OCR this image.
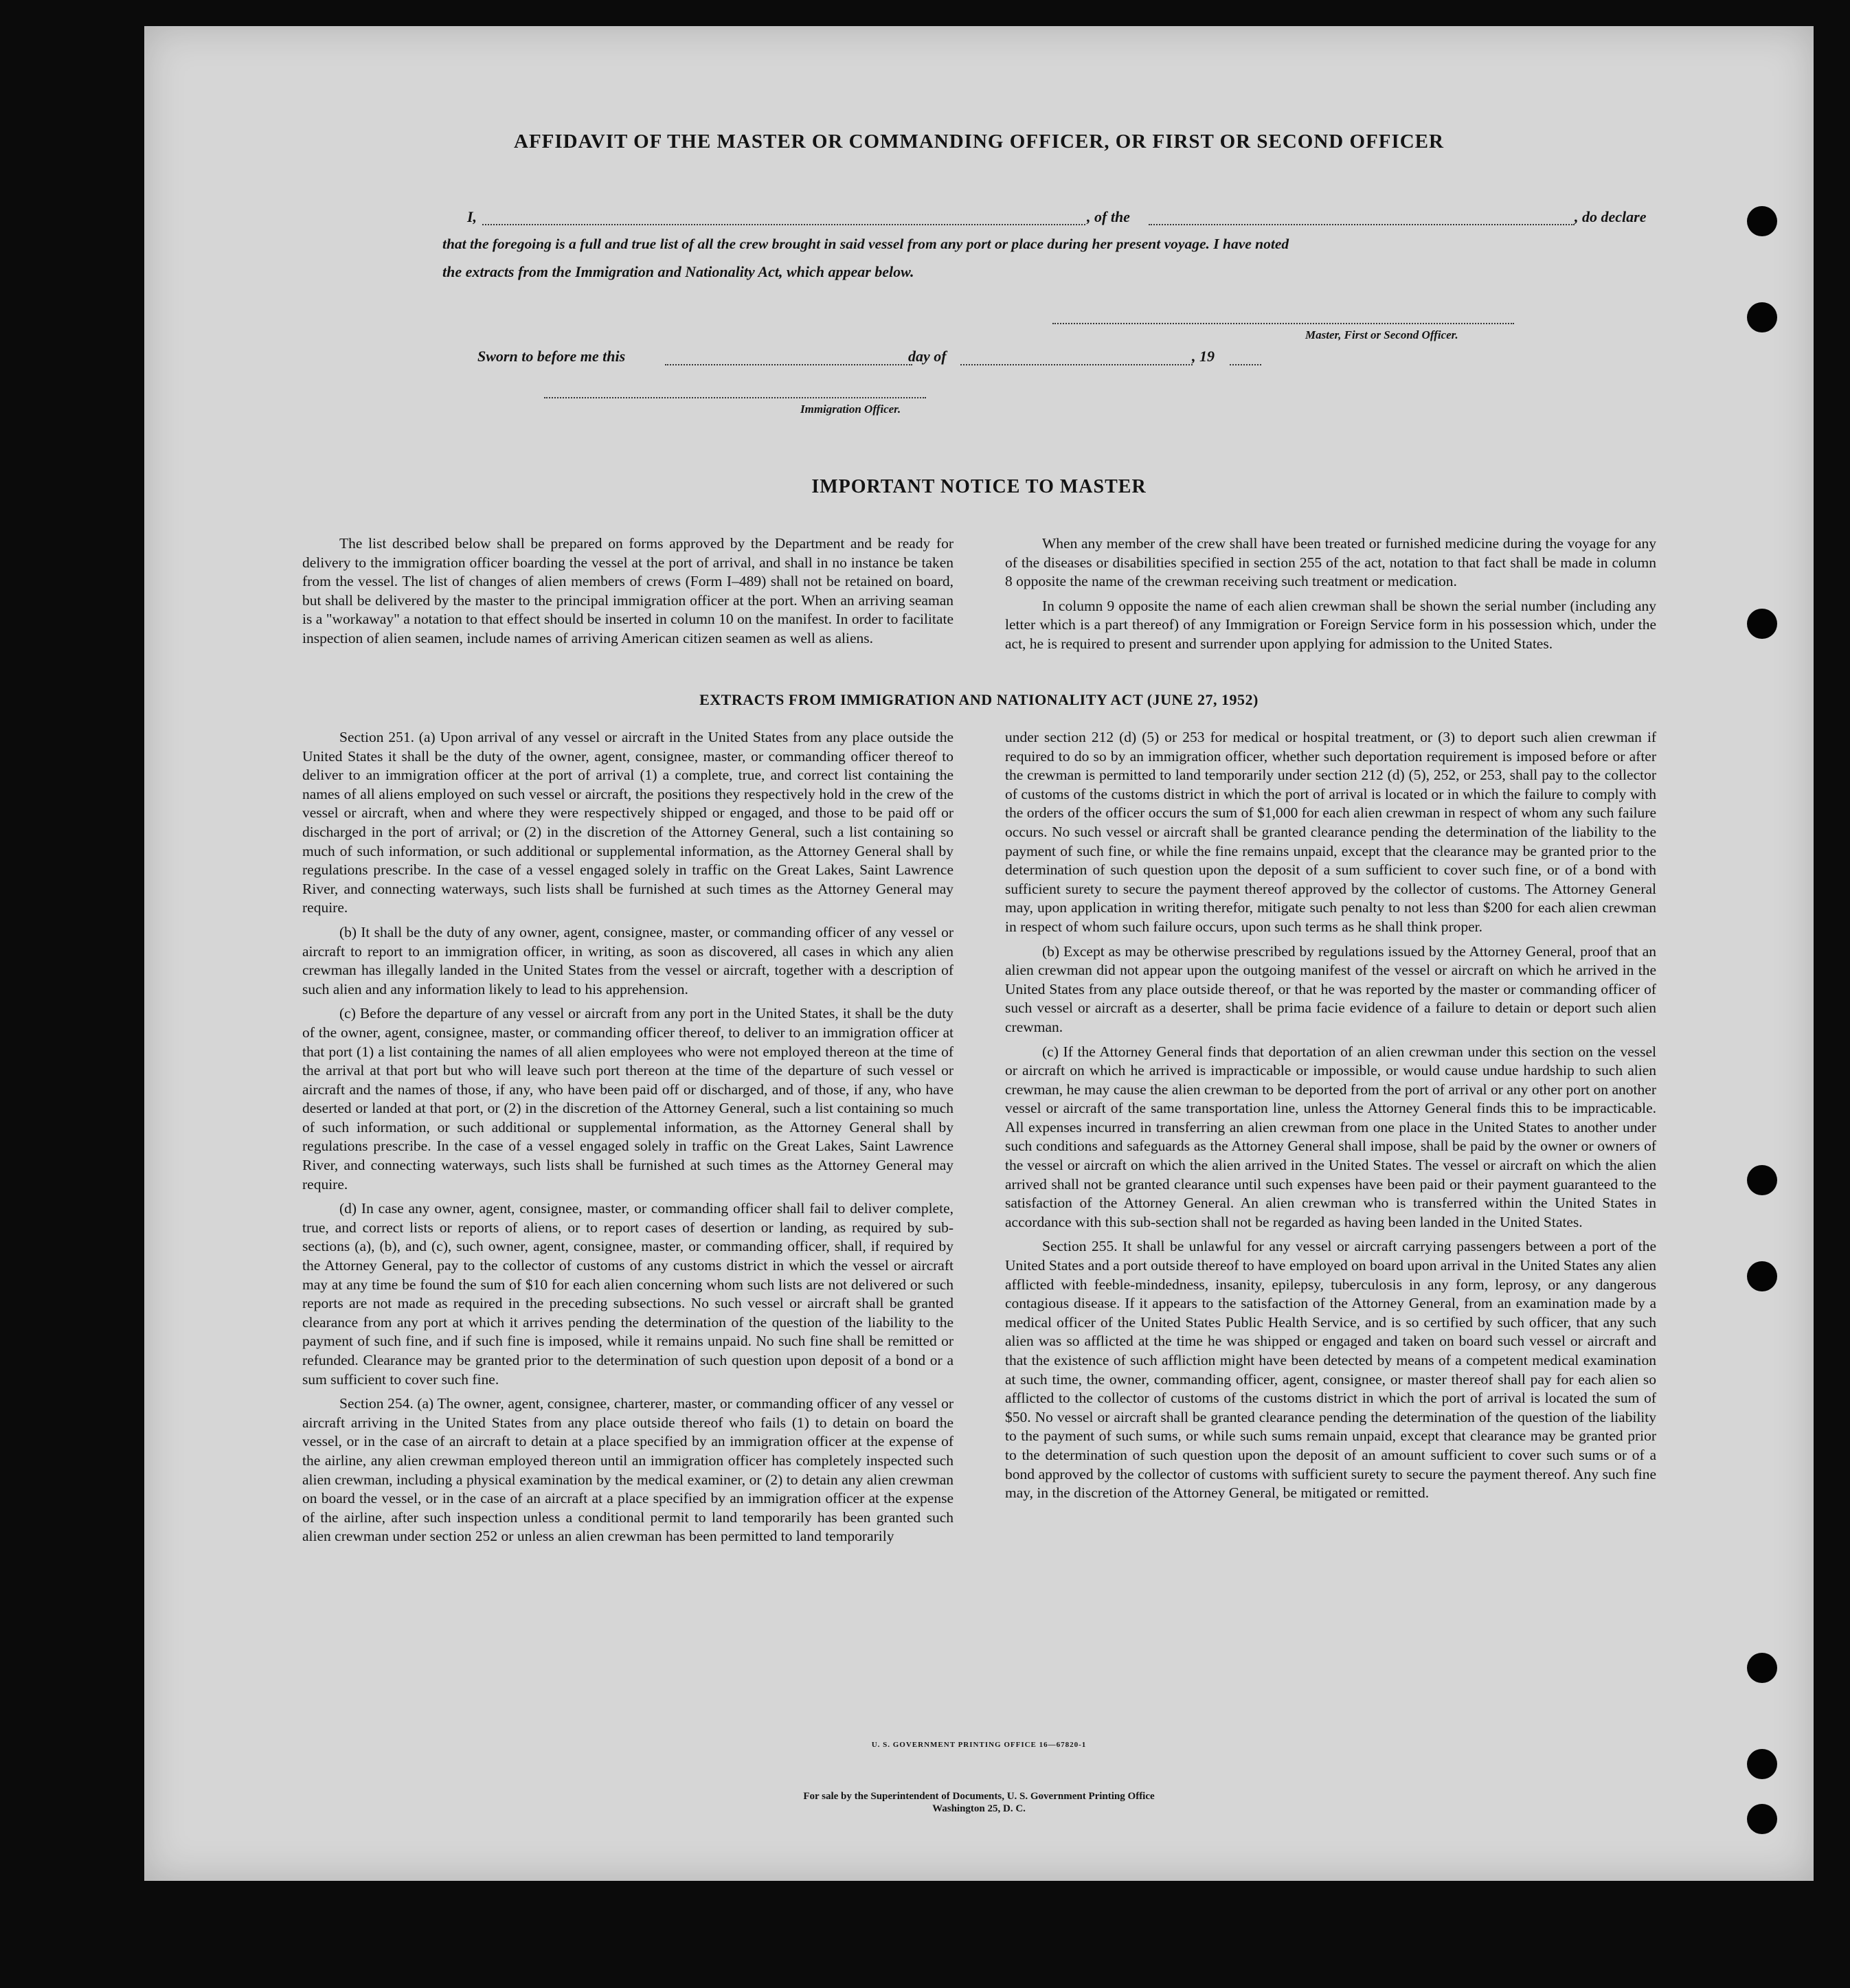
AFFIDAVIT OF THE MASTER OR COMMANDING OFFICER, OR FIRST OR SECOND OFFICER
I,	, of the	, do declare
that the foregoing is a full and true list of all the crew brought in said vessel from any port or place during her present voyage. I have noted
the extracts from the Immigration and Nationality Act, which appear below.
Master, First or Second Officer.
Sworn to before me this	day of	, 19
Immigration Officer.
IMPORTANT NOTICE TO MASTER

The list described below shall be prepared on forms approved by the Department and be ready for delivery to the immigration officer boarding the vessel at the port of arrival, and shall in no instance be taken from the vessel. The list of changes of alien members of crews (Form I–489) shall not be retained on board, but shall be delivered by the master to the principal immigration officer at the port. When an arriving seaman is a "workaway" a notation to that effect should be inserted in column 10 on the manifest. In order to facilitate inspection of alien seamen, include names of arriving American citizen seamen as well as aliens.

When any member of the crew shall have been treated or furnished medicine during the voyage for any of the diseases or disabilities specified in section 255 of the act, notation to that fact shall be made in column 8 opposite the name of the crewman receiving such treatment or medication.

In column 9 opposite the name of each alien crewman shall be shown the serial number (including any letter which is a part thereof) of any Immigration or Foreign Service form in his possession which, under the act, he is required to present and surrender upon applying for admission to the United States.

EXTRACTS FROM IMMIGRATION AND NATIONALITY ACT (JUNE 27, 1952)

Section 251. (a) Upon arrival of any vessel or aircraft in the United States from any place outside the United States it shall be the duty of the owner, agent, consignee, master, or commanding officer thereof to deliver to an immigration officer at the port of arrival (1) a complete, true, and correct list containing the names of all aliens employed on such vessel or aircraft, the positions they respectively hold in the crew of the vessel or aircraft, when and where they were respectively shipped or engaged, and those to be paid off or discharged in the port of arrival; or (2) in the discretion of the Attorney General, such a list containing so much of such information, or such additional or supplemental information, as the Attorney General shall by regulations prescribe. In the case of a vessel engaged solely in traffic on the Great Lakes, Saint Lawrence River, and connecting waterways, such lists shall be furnished at such times as the Attorney General may require.

(b) It shall be the duty of any owner, agent, consignee, master, or commanding officer of any vessel or aircraft to report to an immigration officer, in writing, as soon as discovered, all cases in which any alien crewman has illegally landed in the United States from the vessel or aircraft, together with a description of such alien and any information likely to lead to his apprehension.

(c) Before the departure of any vessel or aircraft from any port in the United States, it shall be the duty of the owner, agent, consignee, master, or commanding officer thereof, to deliver to an immigration officer at that port (1) a list containing the names of all alien employees who were not employed thereon at the time of the arrival at that port but who will leave such port thereon at the time of the departure of such vessel or aircraft and the names of those, if any, who have been paid off or discharged, and of those, if any, who have deserted or landed at that port, or (2) in the discretion of the Attorney General, such a list containing so much of such information, or such additional or supplemental information, as the Attorney General shall by regulations prescribe. In the case of a vessel engaged solely in traffic on the Great Lakes, Saint Lawrence River, and connecting waterways, such lists shall be furnished at such times as the Attorney General may require.

(d) In case any owner, agent, consignee, master, or commanding officer shall fail to deliver complete, true, and correct lists or reports of aliens, or to report cases of desertion or landing, as required by sub-sections (a), (b), and (c), such owner, agent, consignee, master, or commanding officer, shall, if required by the Attorney General, pay to the collector of customs of any customs district in which the vessel or aircraft may at any time be found the sum of $10 for each alien concerning whom such lists are not delivered or such reports are not made as required in the preceding subsections. No such vessel or aircraft shall be granted clearance from any port at which it arrives pending the determination of the question of the liability to the payment of such fine, and if such fine is imposed, while it remains unpaid. No such fine shall be remitted or refunded. Clearance may be granted prior to the determination of such question upon deposit of a bond or a sum sufficient to cover such fine.

Section 254. (a) The owner, agent, consignee, charterer, master, or commanding officer of any vessel or aircraft arriving in the United States from any place outside thereof who fails (1) to detain on board the vessel, or in the case of an aircraft to detain at a place specified by an immigration officer at the expense of the airline, any alien crewman employed thereon until an immigration officer has completely inspected such alien crewman, including a physical examination by the medical examiner, or (2) to detain any alien crewman on board the vessel, or in the case of an aircraft at a place specified by an immigration officer at the expense of the airline, after such inspection unless a conditional permit to land temporarily has been granted such alien crewman under section 252 or unless an alien crewman has been permitted to land temporarily

under section 212 (d) (5) or 253 for medical or hospital treatment, or (3) to deport such alien crewman if required to do so by an immigration officer, whether such deportation requirement is imposed before or after the crewman is permitted to land temporarily under section 212 (d) (5), 252, or 253, shall pay to the collector of customs of the customs district in which the port of arrival is located or in which the failure to comply with the orders of the officer occurs the sum of $1,000 for each alien crewman in respect of whom any such failure occurs. No such vessel or aircraft shall be granted clearance pending the determination of the liability to the payment of such fine, or while the fine remains unpaid, except that the clearance may be granted prior to the determination of such question upon the deposit of a sum sufficient to cover such fine, or of a bond with sufficient surety to secure the payment thereof approved by the collector of customs. The Attorney General may, upon application in writing therefor, mitigate such penalty to not less than $200 for each alien crewman in respect of whom such failure occurs, upon such terms as he shall think proper.

(b) Except as may be otherwise prescribed by regulations issued by the Attorney General, proof that an alien crewman did not appear upon the outgoing manifest of the vessel or aircraft on which he arrived in the United States from any place outside thereof, or that he was reported by the master or commanding officer of such vessel or aircraft as a deserter, shall be prima facie evidence of a failure to detain or deport such alien crewman.

(c) If the Attorney General finds that deportation of an alien crewman under this section on the vessel or aircraft on which he arrived is impracticable or impossible, or would cause undue hardship to such alien crewman, he may cause the alien crewman to be deported from the port of arrival or any other port on another vessel or aircraft of the same transportation line, unless the Attorney General finds this to be impracticable. All expenses incurred in transferring an alien crewman from one place in the United States to another under such conditions and safeguards as the Attorney General shall impose, shall be paid by the owner or owners of the vessel or aircraft on which the alien arrived in the United States. The vessel or aircraft on which the alien arrived shall not be granted clearance until such expenses have been paid or their payment guaranteed to the satisfaction of the Attorney General. An alien crewman who is transferred within the United States in accordance with this sub-section shall not be regarded as having been landed in the United States.

Section 255. It shall be unlawful for any vessel or aircraft carrying passengers between a port of the United States and a port outside thereof to have employed on board upon arrival in the United States any alien afflicted with feeble-mindedness, insanity, epilepsy, tuberculosis in any form, leprosy, or any dangerous contagious disease. If it appears to the satisfaction of the Attorney General, from an examination made by a medical officer of the United States Public Health Service, and is so certified by such officer, that any such alien was so afflicted at the time he was shipped or engaged and taken on board such vessel or aircraft and that the existence of such affliction might have been detected by means of a competent medical examination at such time, the owner, commanding officer, agent, consignee, or master thereof shall pay for each alien so afflicted to the collector of customs of the customs district in which the port of arrival is located the sum of $50. No vessel or aircraft shall be granted clearance pending the determination of the question of the liability to the payment of such sums, or while such sums remain unpaid, except that clearance may be granted prior to the determination of such question upon the deposit of an amount sufficient to cover such sums or of a bond approved by the collector of customs with sufficient surety to secure the payment thereof. Any such fine may, in the discretion of the Attorney General, be mitigated or remitted.

U. S. GOVERNMENT PRINTING OFFICE 16—67820-1
For sale by the Superintendent of Documents, U. S. Government Printing Office
Washington 25, D. C.
